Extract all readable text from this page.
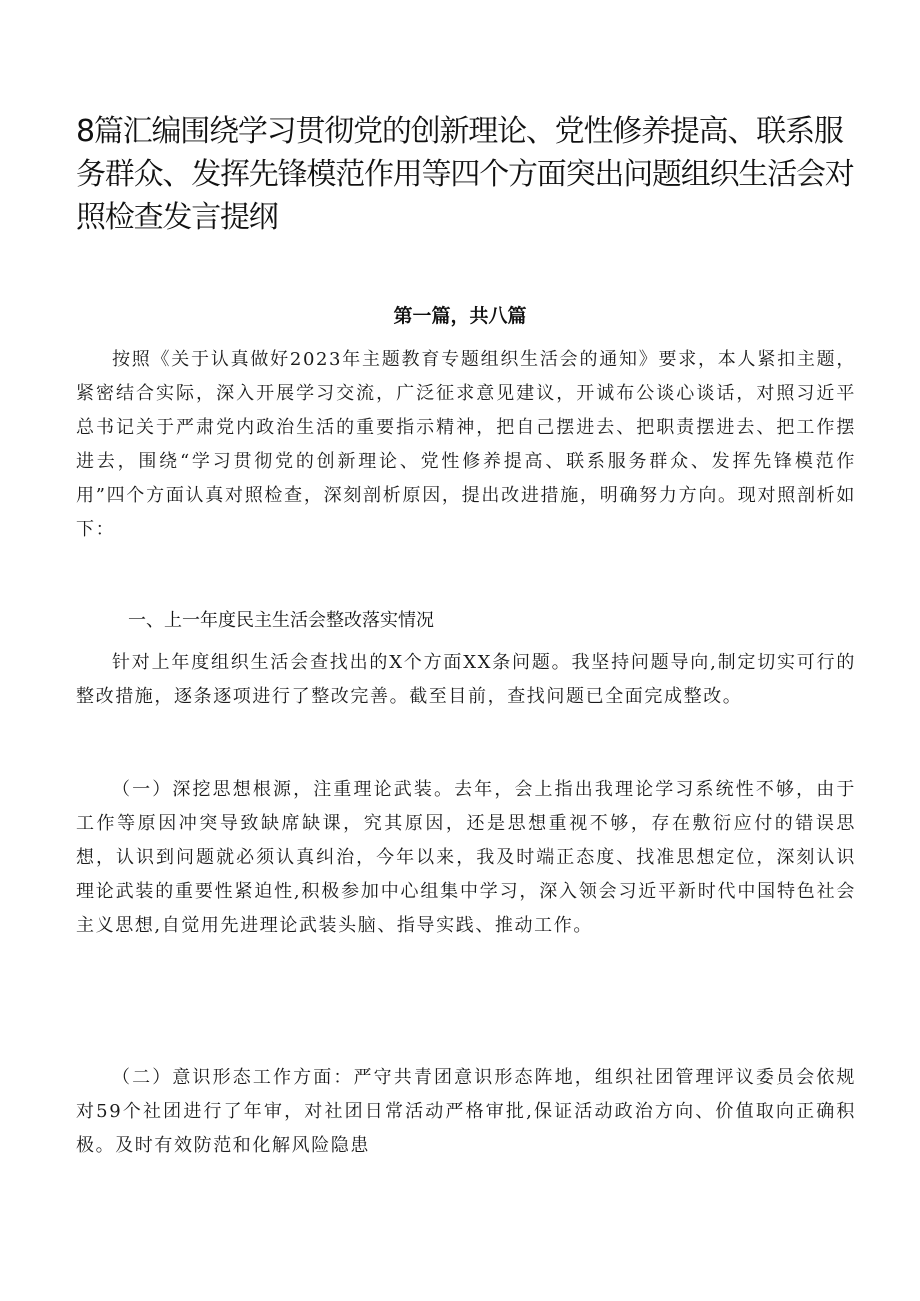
8篇汇编围绕学习贯彻党的创新理论、党性修养提高、联系服务群众、发挥先锋模范作用等四个方面突出问题组织生活会对照检查发言提纲
第一篇，共八篇

按照《关于认真做好2023年主题教育专题组织生活会的通知》要求，本人紧扣主题，紧密结合实际，深入开展学习交流，广泛征求意见建议，开诚布公谈心谈话，对照习近平总书记关于严肃党内政治生活的重要指示精神，把自己摆进去、把职责摆进去、把工作摆进去，围绕“学习贯彻党的创新理论、党性修养提高、联系服务群众、发挥先锋模范作用”四个方面认真对照检查，深刻剖析原因，提出改进措施，明确努力方向。现对照剖析如下：

一、上一年度民主生活会整改落实情况

针对上年度组织生活会查找出的X个方面XX条问题。我坚持问题导向,制定切实可行的整改措施，逐条逐项进行了整改完善。截至目前，查找问题已全面完成整改。

（一）深挖思想根源，注重理论武装。去年，会上指出我理论学习系统性不够，由于工作等原因冲突导致缺席缺课，究其原因，还是思想重视不够，存在敷衍应付的错误思想，认识到问题就必须认真纠治，今年以来，我及时端正态度、找准思想定位，深刻认识理论武装的重要性紧迫性,积极参加中心组集中学习，深入领会习近平新时代中国特色社会主义思想,自觉用先进理论武装头脑、指导实践、推动工作。

（二）意识形态工作方面：严守共青团意识形态阵地，组织社团管理评议委员会依规对59个社团进行了年审，对社团日常活动严格审批,保证活动政治方向、价值取向正确积极。及时有效防范和化解风险隐患
